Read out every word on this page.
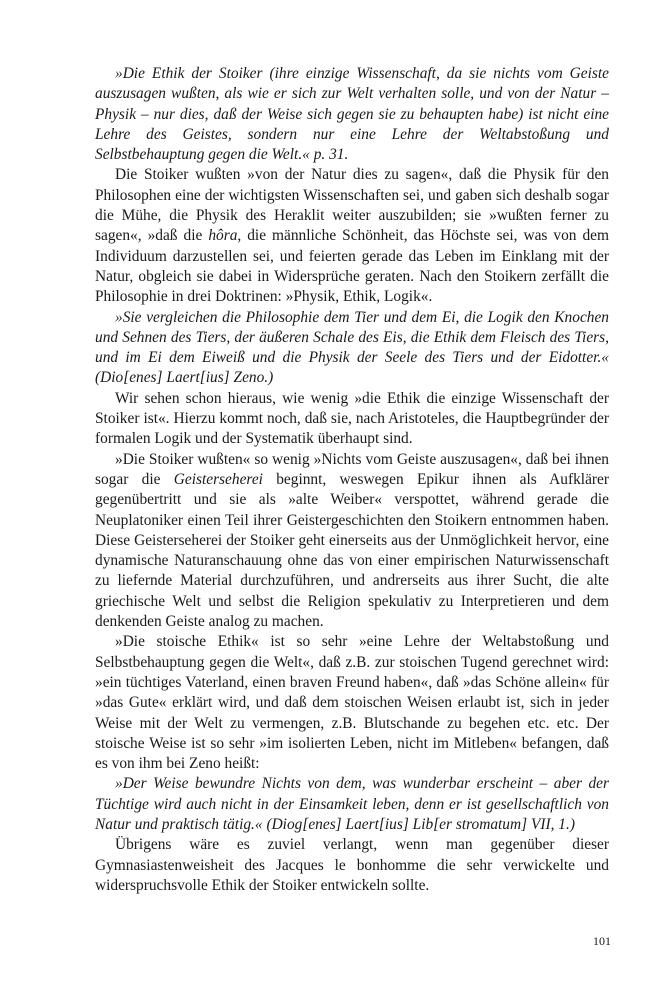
»Die Ethik der Stoiker (ihre einzige Wissenschaft, da sie nichts vom Geiste auszusagen wußten, als wie er sich zur Welt verhalten solle, und von der Natur – Physik – nur dies, daß der Weise sich gegen sie zu behaupten habe) ist nicht eine Lehre des Geistes, sondern nur eine Lehre der Weltabstoßung und Selbstbehauptung gegen die Welt.« p. 31.

Die Stoiker wußten »von der Natur dies zu sagen«, daß die Physik für den Philosophen eine der wichtigsten Wissenschaften sei, und gaben sich deshalb sogar die Mühe, die Physik des Heraklit weiter auszubilden; sie »wußten ferner zu sagen«, »daß die hôra, die männliche Schönheit, das Höchste sei, was von dem Individuum darzustellen sei, und feierten gerade das Leben im Einklang mit der Natur, obgleich sie dabei in Widersprüche geraten. Nach den Stoikern zerfällt die Philosophie in drei Doktrinen: »Physik, Ethik, Logik«.

»Sie vergleichen die Philosophie dem Tier und dem Ei, die Logik den Knochen und Sehnen des Tiers, der äußeren Schale des Eis, die Ethik dem Fleisch des Tiers, und im Ei dem Eiweiß und die Physik der Seele des Tiers und der Eidotter.« (Dio[enes] Laert[ius] Zeno.)

Wir sehen schon hieraus, wie wenig »die Ethik die einzige Wissenschaft der Stoiker ist«. Hierzu kommt noch, daß sie, nach Aristoteles, die Hauptbegründer der formalen Logik und der Systematik überhaupt sind.

»Die Stoiker wußten« so wenig »Nichts vom Geiste auszusagen«, daß bei ihnen sogar die Geisterseherei beginnt, weswegen Epikur ihnen als Aufklärer gegenübertritt und sie als »alte Weiber« verspottet, während gerade die Neuplatoniker einen Teil ihrer Geistergeschichten den Stoikern entnommen haben. Diese Geisterseherei der Stoiker geht einerseits aus der Unmöglichkeit hervor, eine dynamische Naturanschauung ohne das von einer empirischen Naturwissenschaft zu liefernde Material durchzuführen, und andrerseits aus ihrer Sucht, die alte griechische Welt und selbst die Religion spekulativ zu Interpretieren und dem denkenden Geiste analog zu machen.

»Die stoische Ethik« ist so sehr »eine Lehre der Weltabstoßung und Selbstbehauptung gegen die Welt«, daß z.B. zur stoischen Tugend gerechnet wird: »ein tüchtiges Vaterland, einen braven Freund haben«, daß »das Schöne allein« für »das Gute« erklärt wird, und daß dem stoischen Weisen erlaubt ist, sich in jeder Weise mit der Welt zu vermengen, z.B. Blutschande zu begehen etc. etc. Der stoische Weise ist so sehr »im isolierten Leben, nicht im Mitleben« befangen, daß es von ihm bei Zeno heißt:

»Der Weise bewundre Nichts von dem, was wunderbar erscheint – aber der Tüchtige wird auch nicht in der Einsamkeit leben, denn er ist gesellschaftlich von Natur und praktisch tätig.« (Diog[enes] Laert[ius] Lib[er stromatum] VII, 1.)

Übrigens wäre es zuviel verlangt, wenn man gegenüber dieser Gymnasiastenweisheit des Jacques le bonhomme die sehr verwickelte und widerspruchsvolle Ethik der Stoiker entwickeln sollte.

101
